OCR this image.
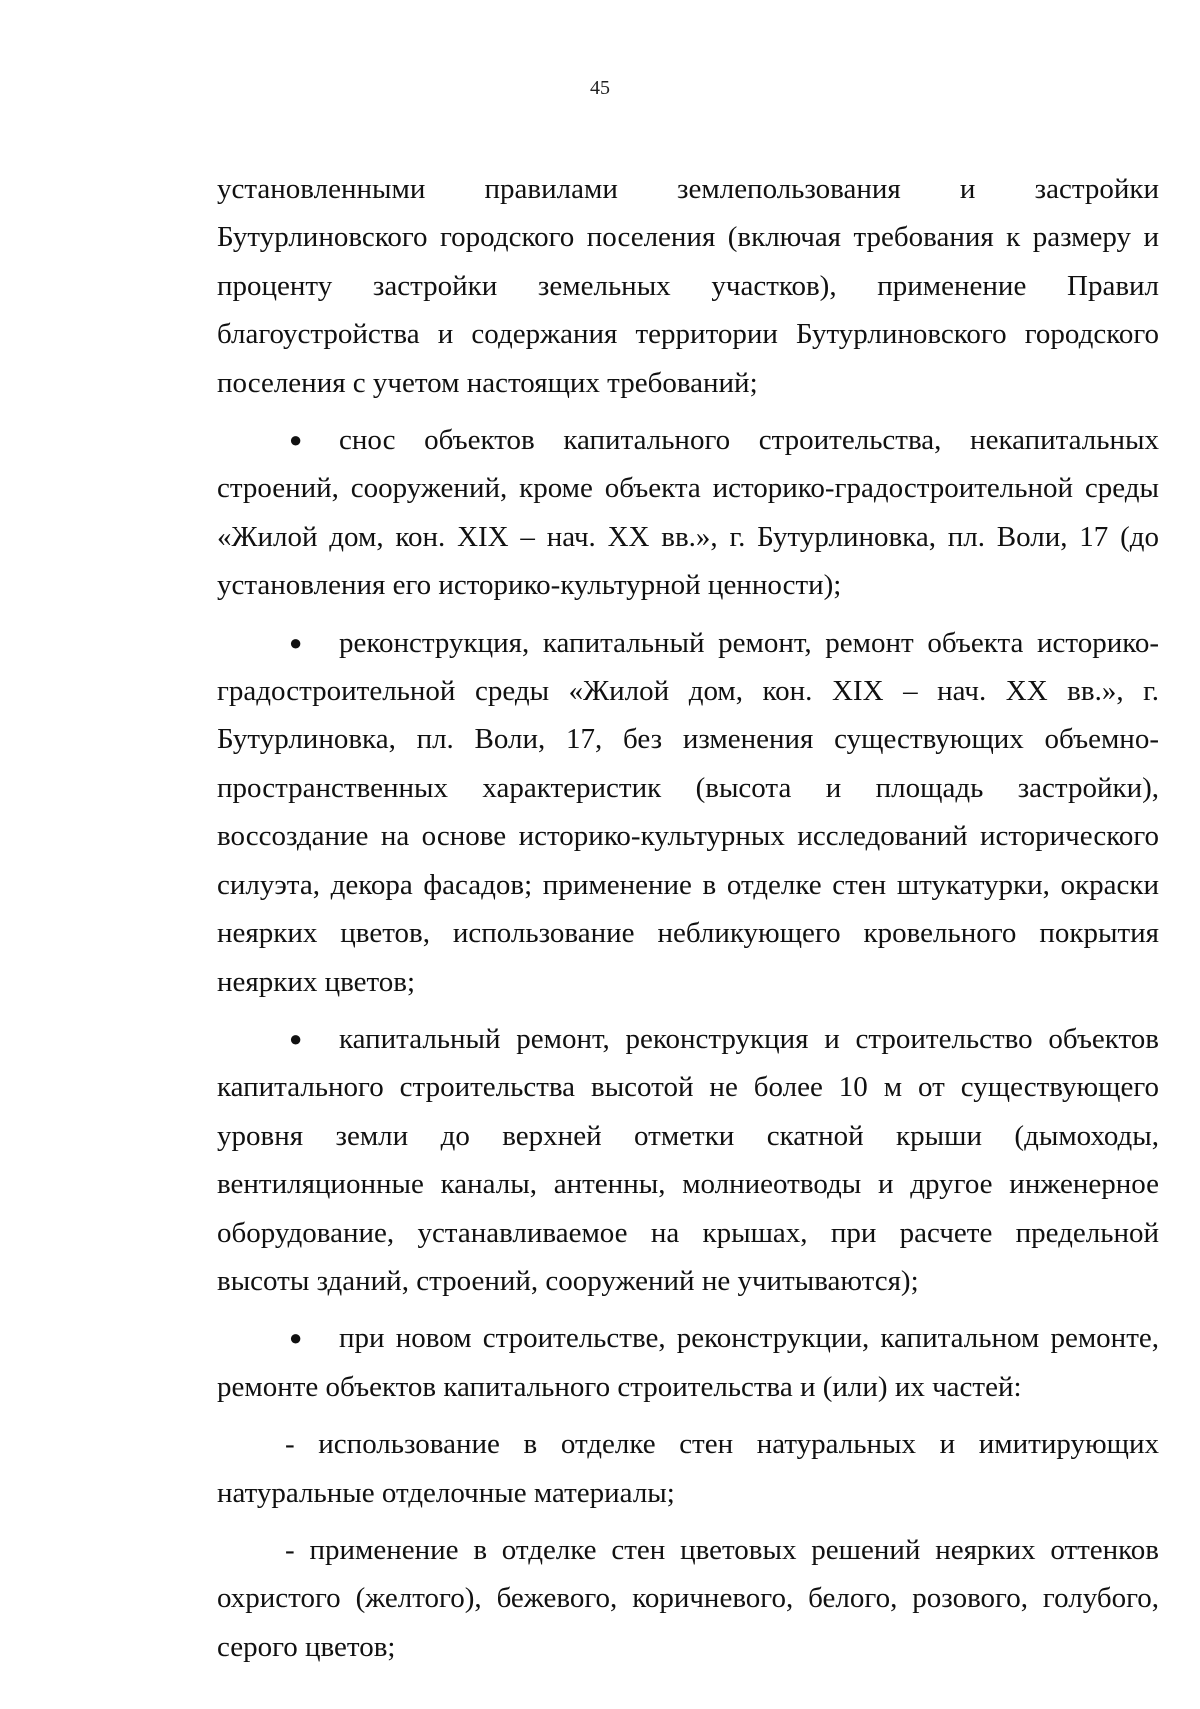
45

установленными правилами землепользования и застройки Бутурлиновского городского поселения (включая требования к размеру и проценту застройки земельных участков), применение Правил благоустройства и содержания территории Бутурлиновского городского поселения с учетом настоящих требований;

● снос объектов капитального строительства, некапитальных строений, сооружений, кроме объекта историко-градостроительной среды «Жилой дом, кон. XIX – нач. XX вв.», г. Бутурлиновка, пл. Воли, 17 (до установления его историко-культурной ценности);

● реконструкция, капитальный ремонт, ремонт объекта историко-градостроительной среды «Жилой дом, кон. XIX – нач. XX вв.», г. Бутурлиновка, пл. Воли, 17, без изменения существующих объемно-пространственных характеристик (высота и площадь застройки), воссоздание на основе историко-культурных исследований исторического силуэта, декора фасадов; применение в отделке стен штукатурки, окраски неярких цветов, использование небликующего кровельного покрытия неярких цветов;

● капитальный ремонт, реконструкция и строительство объектов капитального строительства высотой не более 10 м от существующего уровня земли до верхней отметки скатной крыши (дымоходы, вентиляционные каналы, антенны, молниеотводы и другое инженерное оборудование, устанавливаемое на крышах, при расчете предельной высоты зданий, строений, сооружений не учитываются);

● при новом строительстве, реконструкции, капитальном ремонте, ремонте объектов капитального строительства и (или) их частей:

- использование в отделке стен натуральных и имитирующих натуральные отделочные материалы;

- применение в отделке стен цветовых решений неярких оттенков охристого (желтого), бежевого, коричневого, белого, розового, голубого, серого цветов;
